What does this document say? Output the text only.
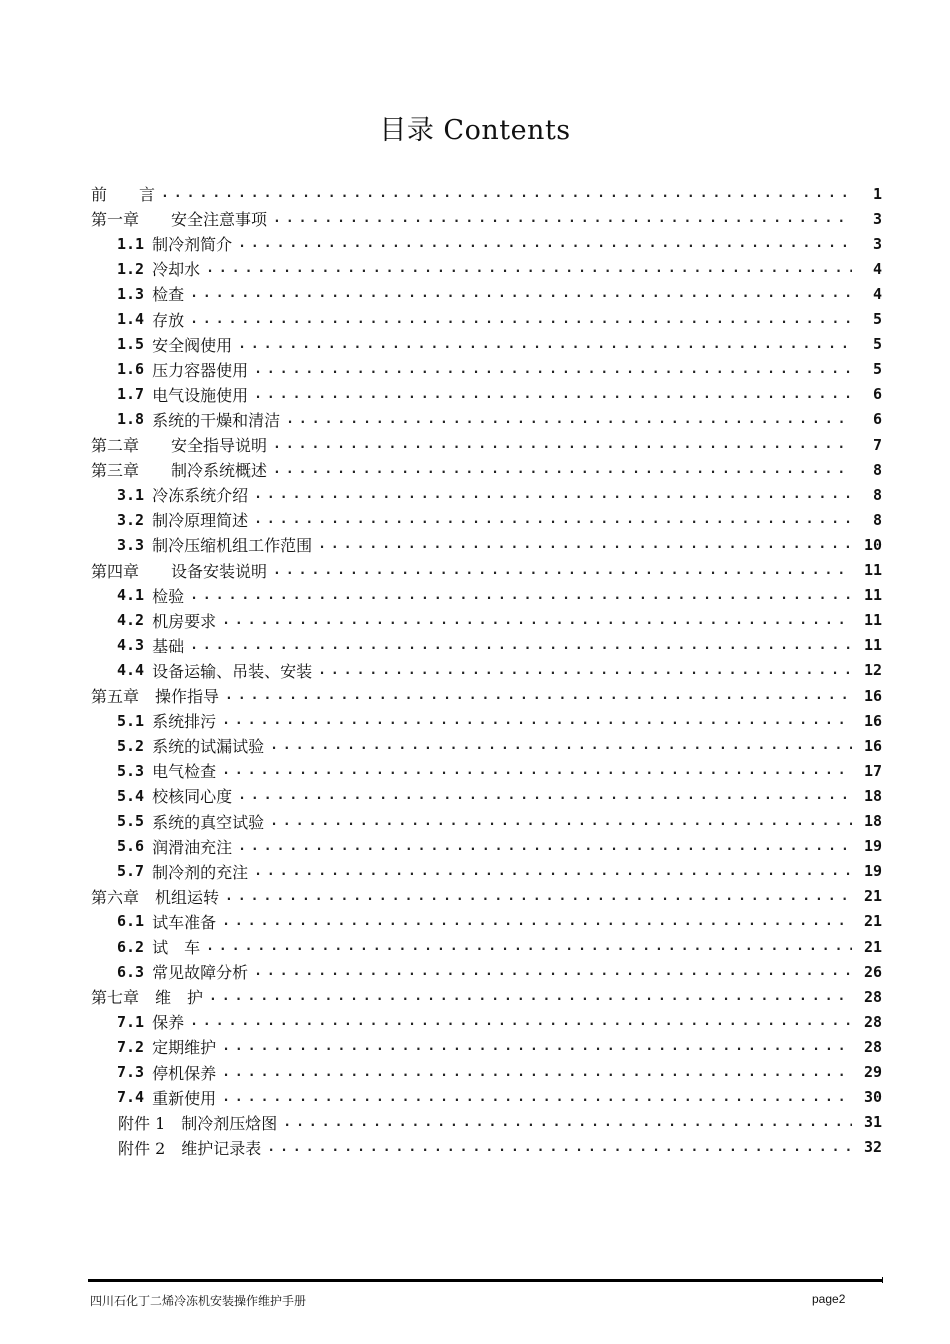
目录 Contents
前　　言 .....	1
第一章　　安全注意事项 .....	3
1.1 制冷剂简介 .....	3
1.2 冷却水 .....	4
1.3 检查 .....	4
1.4 存放 .....	5
1.5 安全阀使用 .....	5
1.6 压力容器使用 .....	5
1.7 电气设施使用 .....	6
1.8 系统的干燥和清洁 .....	6
第二章　　安全指导说明 .....	7
第三章　　制冷系统概述 .....	8
3.1 冷冻系统介绍 .....	8
3.2 制冷原理简述 .....	8
3.3 制冷压缩机组工作范围 .....	10
第四章　　设备安装说明 .....	11
4.1 检验 .....	11
4.2 机房要求 .....	11
4.3 基础 .....	11
4.4 设备运输、吊装、安装 .....	12
第五章　操作指导 .....	16
5.1 系统排污 .....	16
5.2 系统的试漏试验 .....	16
5.3 电气检查 .....	17
5.4 校核同心度 .....	18
5.5 系统的真空试验 .....	18
5.6 润滑油充注 .....	19
5.7 制冷剂的充注 .....	19
第六章　机组运转 .....	21
6.1 试车准备 .....	21
6.2 试　车 .....	21
6.3 常见故障分析 .....	26
第七章　维　护 .....	28
7.1 保养 .....	28
7.2 定期维护 .....	28
7.3 停机保养 .....	29
7.4 重新使用 .....	30
附件 1　制冷剂压焓图 .....	31
附件 2　维护记录表 .....	32
四川石化丁二烯冷冻机安装操作维护手册	page2
